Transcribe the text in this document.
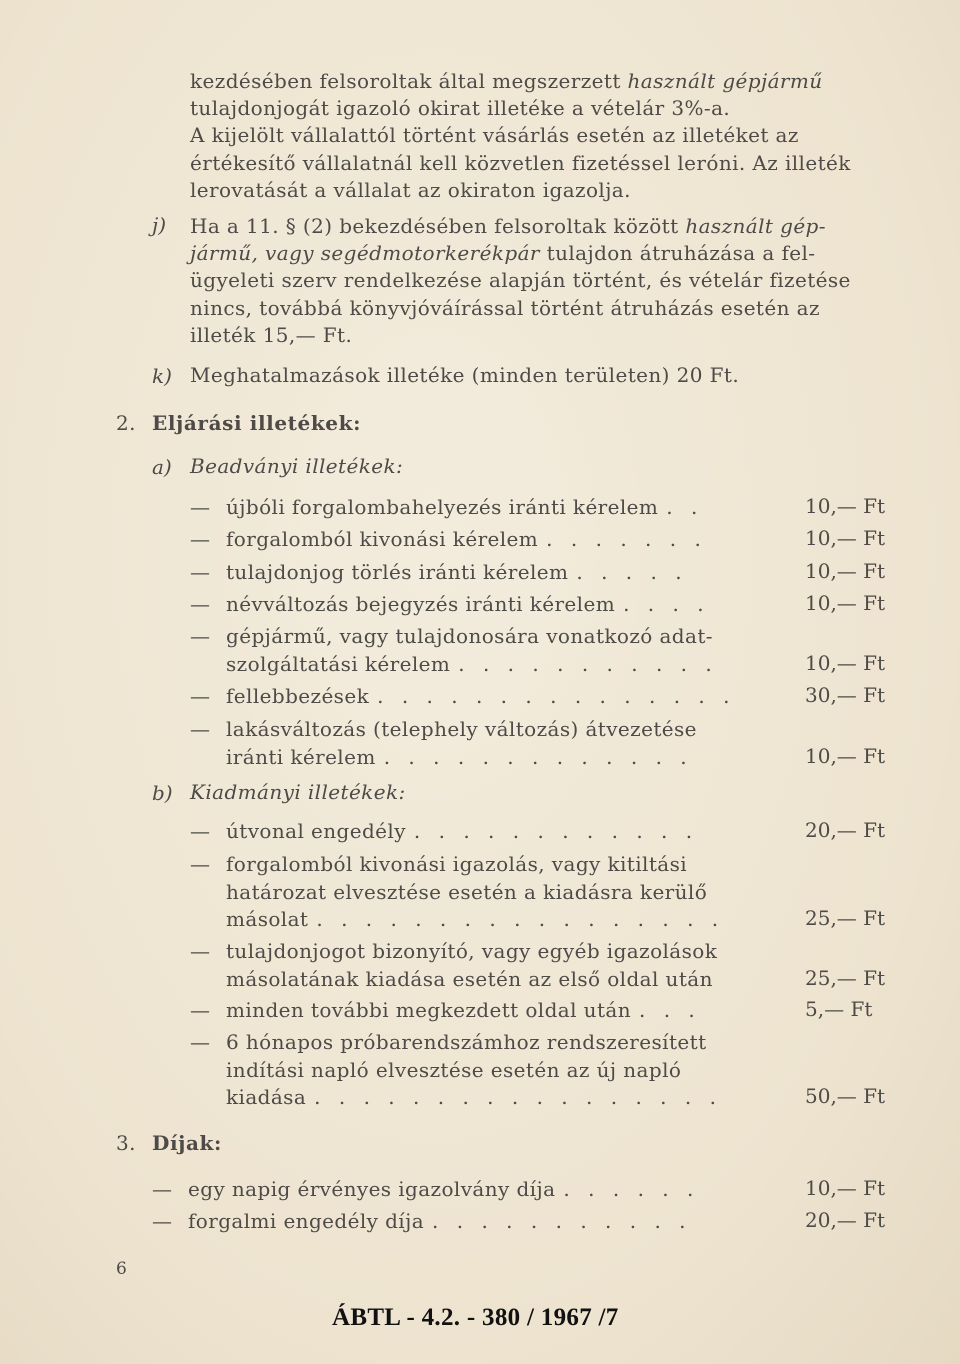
kezdésében felsoroltak által megszerzett használt gépjármű
tulajdonjogát igazoló okirat illetéke a vételár 3%-a.
A kijelölt vállalattól történt vásárlás esetén az illetéket az
értékesítő vállalatnál kell közvetlen fizetéssel leróni. Az illeték
lerovatását a vállalat az okiraton igazolja.
j) Ha a 11. § (2) bekezdésében felsoroltak között használt gép-
jármű, vagy segédmotorkerékpár tulajdon átruházása a fel-
ügyeleti szerv rendelkezése alapján történt, és vételár fizetése
nincs, továbbá könyvjóváírással történt átruházás esetén az
illeték 15,— Ft.
k) Meghatalmazások illetéke (minden területen) 20 Ft.
2. Eljárási illetékek:
a) Beadványi illetékek:
— újbóli forgalombahelyezés iránti kérelem . .	10,— Ft
— forgalomból kivonási kérelem . . . . . . .	10,— Ft
— tulajdonjog törlés iránti kérelem . . . . .	10,— Ft
— névváltozás bejegyzés iránti kérelem . . . .	10,— Ft
— gépjármű, vagy tulajdonosára vonatkozó adat-
szolgáltatási kérelem . . . . . . . . . . .	10,— Ft
— fellebbezések . . . . . . . . . . . . . . .	30,— Ft
— lakásváltozás (telephely változás) átvezetése
iránti kérelem . . . . . . . . . . . . .	10,— Ft
b) Kiadmányi illetékek:
— útvonal engedély . . . . . . . . . . . .	20,— Ft
— forgalomból kivonási igazolás, vagy kitiltási
határozat elvesztése esetén a kiadásra kerülő
másolat . . . . . . . . . . . . . . . . .	25,— Ft
— tulajdonjogot bizonyító, vagy egyéb igazolások
másolatának kiadása esetén az első oldal után	25,— Ft
— minden további megkezdett oldal után . . .	5,— Ft
— 6 hónapos próbarendszámhoz rendszeresített
indítási napló elvesztése esetén az új napló
kiadása . . . . . . . . . . . . . . . . .	50,— Ft
3. Díjak:
— egy napig érvényes igazolvány díja . . . . . .	10,— Ft
— forgalmi engedély díja . . . . . . . . . . .	20,— Ft
6
ÁBTL - 4.2. - 380 / 1967 /7
